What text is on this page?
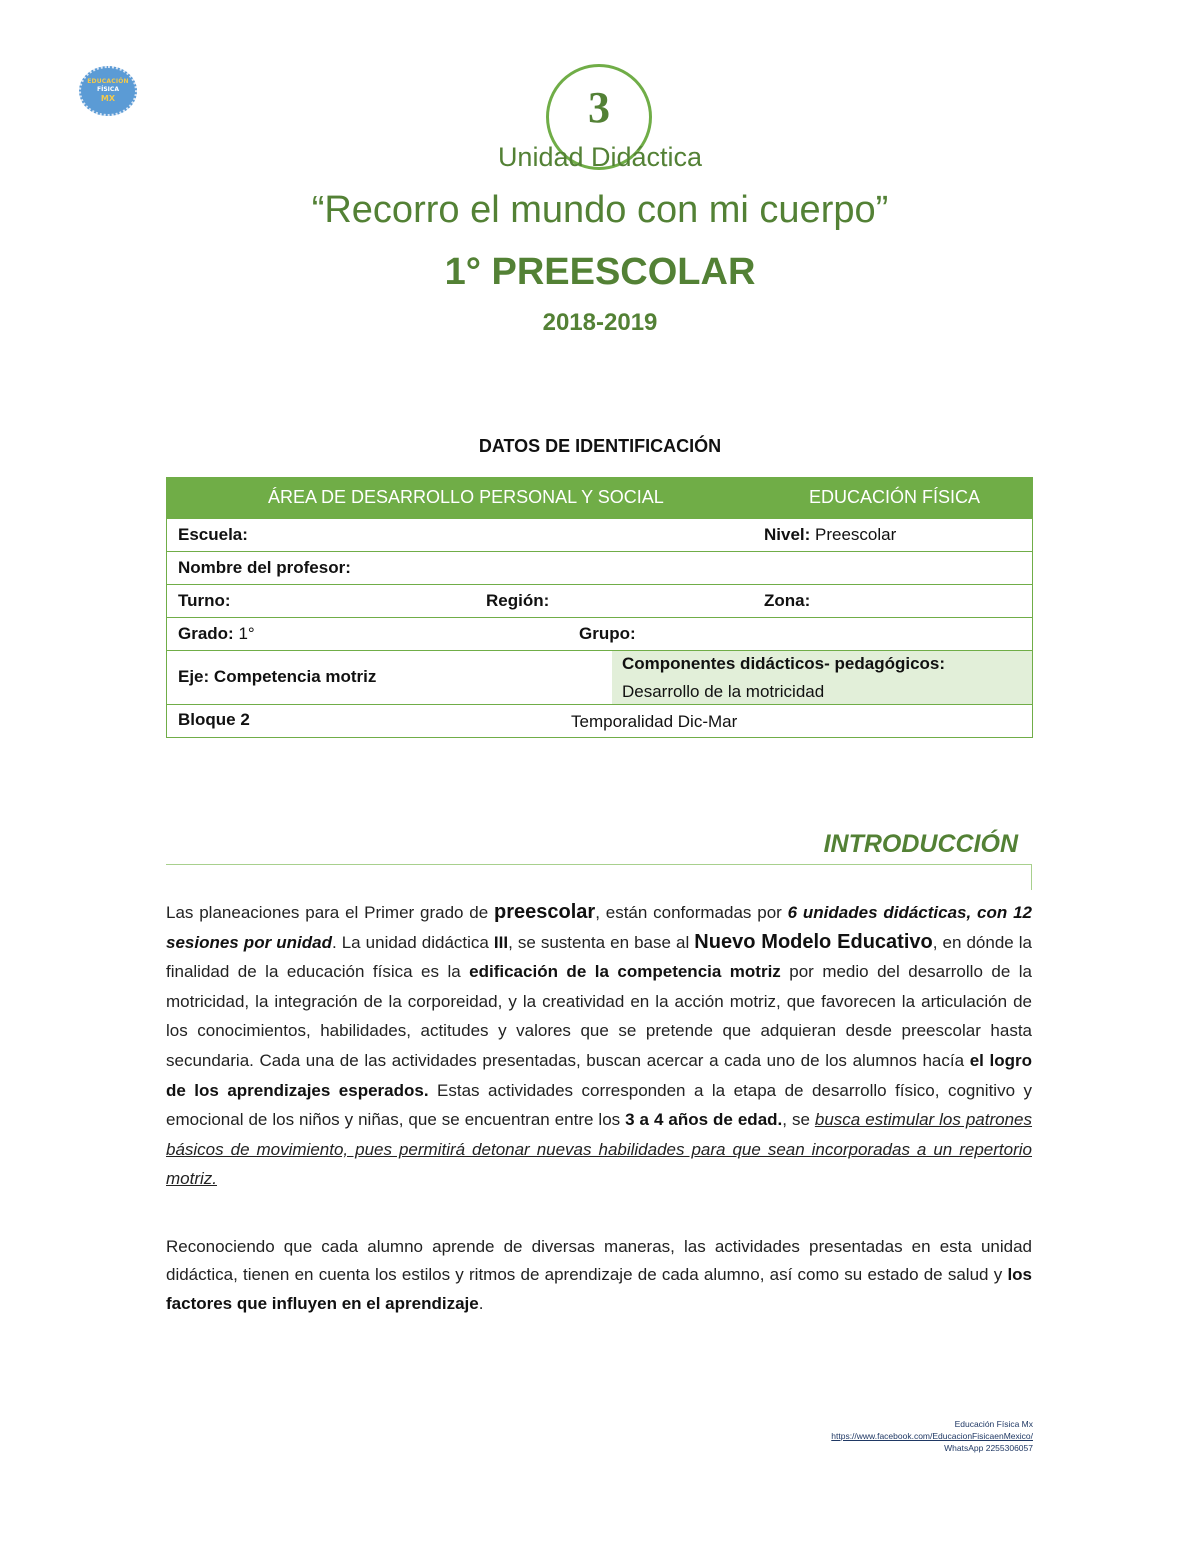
EDUCACIÓN
FÍSICA
MX	3
Unidad Didáctica
“Recorro el mundo con mi cuerpo”
1° PREESCOLAR
2018-2019
DATOS DE IDENTIFICACIÓN
ÁREA DE DESARROLLO PERSONAL Y SOCIAL	EDUCACIÓN FÍSICA
Escuela:	Nivel: Preescolar
Nombre del profesor:
Turno:	Región:	Zona:
Grado: 1°	Grupo:
Eje: Competencia motriz
Componentes didácticos- pedagógicos:
Desarrollo de la motricidad
Bloque 2	Temporalidad Dic-Mar
INTRODUCCIÓN

Las planeaciones para el Primer grado de preescolar, están conformadas por 6 unidades didácticas, con 12 sesiones por unidad. La unidad didáctica III, se sustenta en base al Nuevo Modelo Educativo, en dónde la finalidad de la educación física es la edificación de la competencia motriz por medio del desarrollo de la motricidad, la integración de la corporeidad, y la creatividad en la acción motriz, que favorecen la articulación de los conocimientos, habilidades, actitudes y valores que se pretende que adquieran desde preescolar hasta secundaria. Cada una de las actividades presentadas, buscan acercar a cada uno de los alumnos hacía el logro de los aprendizajes esperados. Estas actividades corresponden a la etapa de desarrollo físico, cognitivo y emocional de los niños y niñas, que se encuentran entre los 3 a 4 años de edad., se busca estimular los patrones básicos de movimiento, pues permitirá detonar nuevas habilidades para que sean incorporadas a un repertorio motriz.

Reconociendo que cada alumno aprende de diversas maneras, las actividades presentadas en esta unidad didáctica, tienen en cuenta los estilos y ritmos de aprendizaje de cada alumno, así como su estado de salud y los factores que influyen en el aprendizaje.

Educación Física Mx
https://www.facebook.com/EducacionFisicaenMexico/
WhatsApp 2255306057
